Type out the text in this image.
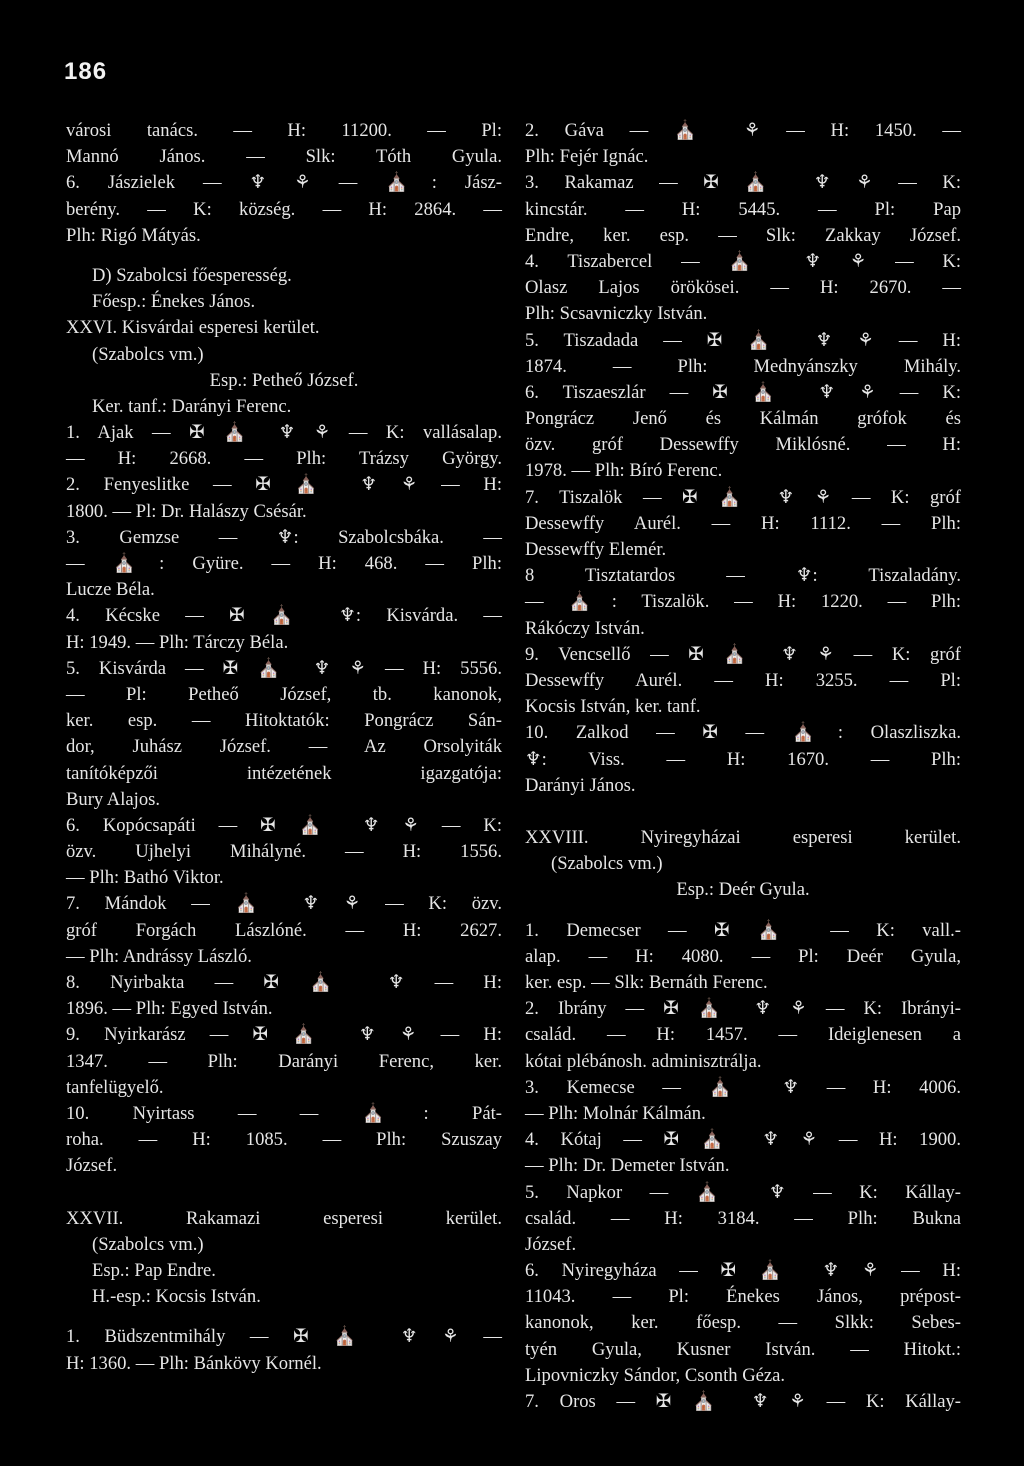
186
városi tanács. — H: 11200. — Pl:
Mannó János. — Slk: Tóth Gyula.
6. Jászielek — ♆ ⚘ — ⛪: Jász-
berény. — K: község. — H: 2864. —
Plh: Rigó Mátyás.
D) Szabolcsi főesperesség.
Főesp.: Énekes János.
XXVI. Kisvárdai esperesi kerület.
(Szabolcs vm.)
Esp.: Pethеő József.
Ker. tanf.: Darányi Ferenc.
1. Ajak — ✠ ⛪ ♆ ⚘ — K: vallásalap.
— H: 2668. — Plh: Trázsy György.
2. Fenyeslitke — ✠ ⛪ ♆ ⚘ — H:
1800. — Pl: Dr. Halászy Csésár.
3. Gemzse — ♆: Szabolcsbáka. —
— ⛪: Gyüre. — H: 468. — Plh:
Lucze Béla.
4. Kécske — ✠ ⛪ ♆: Kisvárda. —
H: 1949. — Plh: Tárczy Béla.
5. Kisvárda — ✠ ⛪ ♆ ⚘ — H: 5556.
— Pl: Pethеő József, tb. kanonok,
ker. esp. — Hitoktatók: Pongrácz Sán-
dor, Juhász József. — Az Orsolyiták
tanítóképzői intézetének igazgatója:
Bury Alajos.
6. Kopócsapáti — ✠ ⛪ ♆ ⚘ — K:
özv. Ujhelyi Mihályné. — H: 1556.
— Plh: Bathó Viktor.
7. Mándok — ⛪ ♆ ⚘ — K: özv.
gróf Forgách Lászlóné. — H: 2627.
— Plh: Andrássy László.
8. Nyirbakta — ✠ ⛪ ♆ — H:
1896. — Plh: Egyed István.
9. Nyirkarász — ✠ ⛪ ♆ ⚘ — H:
1347. — Plh: Darányi Ferenc, ker.
tanfelügyelő.
10. Nyirtass — — ⛪: Pát-
roha. — H: 1085. — Plh: Szuszay
József.
XXVII. Rakamazi esperesi kerület.
(Szabolcs vm.)
Esp.: Pap Endre.
H.-esp.: Kocsis István.
1. Büdszentmihály — ✠ ⛪ ♆ ⚘ —
H: 1360. — Plh: Bánkövy Kornél.
2. Gáva — ⛪ ⚘ — H: 1450. —
Plh: Fejér Ignác.
3. Rakamaz — ✠ ⛪ ♆ ⚘ — K:
kincstár. — H: 5445. — Pl: Pap
Endre, ker. esp. — Slk: Zakkay József.
4. Tiszabercel — ⛪ ♆ ⚘ — K:
Olasz Lajos örökösei. — H: 2670. —
Plh: Scsavniczky István.
5. Tiszadada — ✠ ⛪ ♆ ⚘ — H:
1874. — Plh: Mednyánszky Mihály.
6. Tiszaeszlár — ✠ ⛪ ♆ ⚘ — K:
Pongrácz Jenő és Kálmán grófok és
özv. gróf Dessewffy Miklósné. — H:
1978. — Plh: Bíró Ferenc.
7. Tiszalök — ✠ ⛪ ♆ ⚘ — K: gróf
Dessewffy Aurél. — H: 1112. — Plh:
Dessewffy Elemér.
8 Tisztatardos — ♆: Tiszaladány.
— ⛪: Tiszalök. — H: 1220. — Plh:
Rákóczy István.
9. Vencsellő — ✠ ⛪ ♆ ⚘ — K: gróf
Dessewffy Aurél. — H: 3255. — Pl:
Kocsis István, ker. tanf.
10. Zalkod — ✠ — ⛪: Olaszliszka.
♆: Viss. — H: 1670. — Plh:
Darányi János.
XXVIII. Nyiregyházai esperesi kerület.
(Szabolcs vm.)
Esp.: Deér Gyula.
1. Demecser — ✠ ⛪ — K: vall.-
alap. — H: 4080. — Pl: Deér Gyula,
ker. esp. — Slk: Bernáth Ferenc.
2. Ibrány — ✠ ⛪ ♆ ⚘ — K: Ibrányi-
család. — H: 1457. — Ideiglenesen a
kótai plébánosh. adminisztrálja.
3. Kemecse — ⛪ ♆ — H: 4006.
— Plh: Molnár Kálmán.
4. Kótaj — ✠ ⛪ ♆ ⚘ — H: 1900.
— Plh: Dr. Demeter István.
5. Napkor — ⛪ ♆ — K: Kállay-
család. — H: 3184. — Plh: Bukna
József.
6. Nyiregyháza — ✠ ⛪ ♆ ⚘ — H:
11043. — Pl: Énekes János, prépost-
kanonok, ker. főesp. — Slkk: Sebes-
tyén Gyula, Kusner István. — Hitokt.:
Lipovniczky Sándor, Csonth Géza.
7. Oros — ✠ ⛪ ♆ ⚘ — K: Kállay-
